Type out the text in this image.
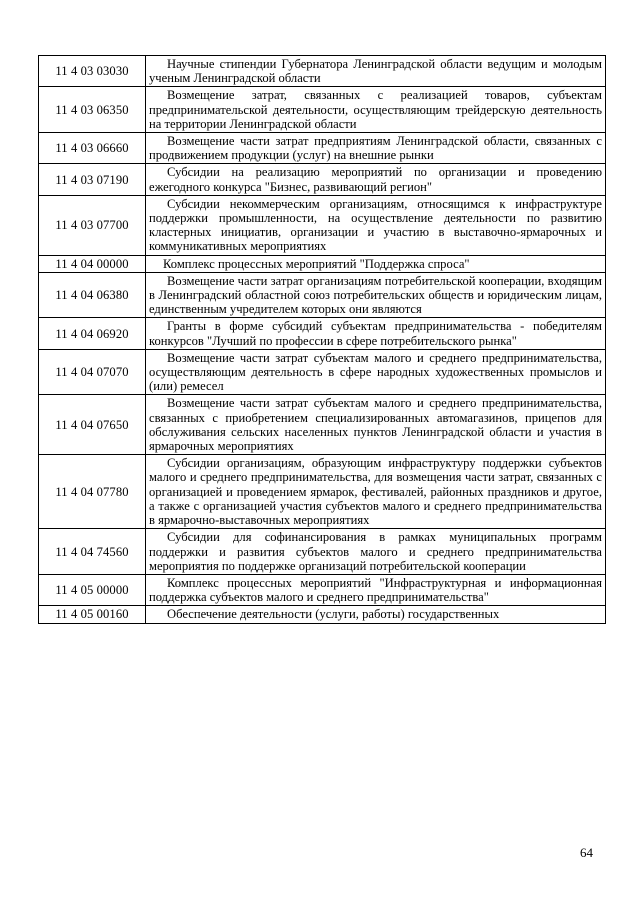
11 4 03 03030	Научные стипендии Губернатора Ленинградской области ведущим и молодым ученым Ленинградской области
11 4 03 06350	Возмещение затрат, связанных с реализацией товаров, субъектам предпринимательской деятельности, осуществляющим трейдерскую деятельность на территории Ленинградской области
11 4 03 06660	Возмещение части затрат предприятиям Ленинградской области, связанных с продвижением продукции (услуг) на внешние рынки
11 4 03 07190	Субсидии на реализацию мероприятий по организации и проведению ежегодного конкурса "Бизнес, развивающий регион"
11 4 03 07700	Субсидии некоммерческим организациям, относящимся к инфраструктуре поддержки промышленности, на осуществление деятельности по развитию кластерных инициатив, организации и участию в выставочно-ярмарочных и коммуникативных мероприятиях
11 4 04 00000	Комплекс процессных мероприятий "Поддержка спроса"
11 4 04 06380	Возмещение части затрат организациям потребительской кооперации, входящим в Ленинградский областной союз потребительских обществ и юридическим лицам, единственным учредителем которых они являются
11 4 04 06920	Гранты в форме субсидий субъектам предпринимательства - победителям конкурсов "Лучший по профессии в сфере потребительского рынка"
11 4 04 07070	Возмещение части затрат субъектам малого и среднего предпринимательства, осуществляющим деятельность в сфере народных художественных промыслов и (или) ремесел
11 4 04 07650	Возмещение части затрат субъектам малого и среднего предпринимательства, связанных с приобретением специализированных автомагазинов, прицепов для обслуживания сельских населенных пунктов Ленинградской области и участия в ярмарочных мероприятиях
11 4 04 07780	Субсидии организациям, образующим инфраструктуру поддержки субъектов малого и среднего предпринимательства, для возмещения части затрат, связанных с организацией и проведением ярмарок, фестивалей, районных праздников и другое, а также с организацией участия субъектов малого и среднего предпринимательства в ярмарочно-выставочных мероприятиях
11 4 04 74560	Субсидии для софинансирования в рамках муниципальных программ поддержки и развития субъектов малого и среднего предпринимательства мероприятия по поддержке организаций потребительской кооперации
11 4 05 00000	Комплекс процессных мероприятий "Инфраструктурная и информационная поддержка субъектов малого и среднего предпринимательства"
11 4 05 00160	Обеспечение деятельности (услуги, работы) государственных
64
